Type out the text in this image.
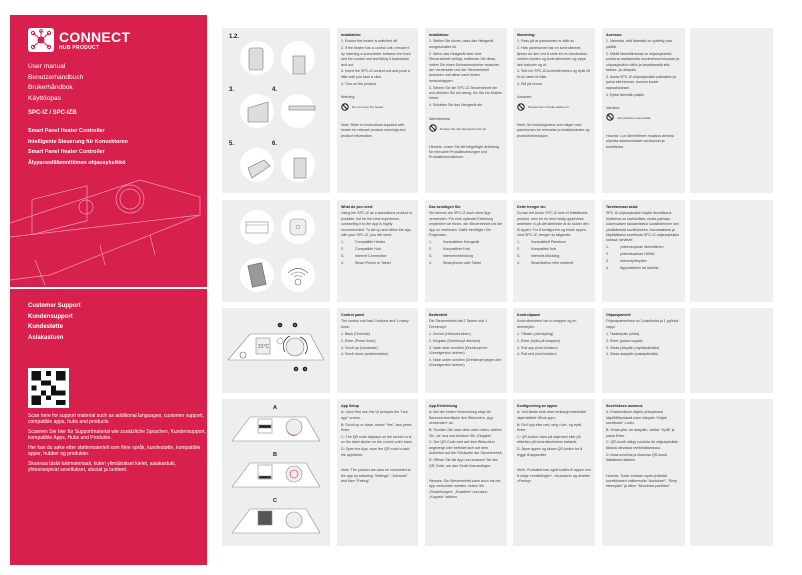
CONNECT
HUB PRODUCT
User manual
Benutzerhandbuch
Brukerhåndbok
Käyttöopas
SPC-IZ / SPC-IZB
Smart Panel Heater Controller
Intelligente Steuerung für Konvektoren
Smart Panel Heater Controller
Älypaneelilämmittimen ohjausyksikkö
Customer Support
Kundensupport
Kundestøtte
Asiakastuen

Scan here for support material such as additional languages, customer support, compatible apps, hubs and products.

Scannen Sie hier für Supportmaterial wie zusätzliche Sprachen, Kundensupport, kompatible Apps, Hubs und Produkte.

Her kan du søke etter støttemateriell som flere språk, kundestøtte, kompatible apper, hubber og produkter.

Skannaa tästä tukimateriaali, kuten ylimääräiset kielet, asiakastuki, yhteensopivat sovellukset, alustat ja tuotteet.

1.2.
3.	4.
5.	6.
1	2
3 4
21°C
A
B
C
Installation:
1. Ensure the heater is switched off.
2. If the heater has a control unit, remove it by inserting a screwdriver between the front and the control unit and tilting it backwards and out.
3. Insert the SPC-IZ control unit and push a little until you hear a click.
4. Turn on the product.
Warning:
Do not cover the heater.
Note: Refer to instructions supplied with heater for relevant product warnings and product information.
Installation:
1. Stellen Sie sicher, dass das Heizgerät ausgeschaltet ist.
2. Wenn das Heizgerät über eine Steuereinheit verfügt, entfernen Sie diese, indem Sie einen Schraubendreher zwischen der Vorderseite und der Steuereinheit ansetzen und diese nach hinten herausklappen.
3. Setzen Sie die SPC-IZ-Steuereinheit ein und drücken Sie ein wenig, bis Sie ein Klicken hören.
4. Schalten Sie das Heizgerät ein.
Warnhinweis:
Decken Sie das Heizgerät nicht ab.
Hinweis: Lesen Sie die beigefügte Anleitung für relevante Produktwarnungen und Produktinformationen.
Montering:
1. Pass på at panelovnen er slått av.
2. Hvis panelovnen har en kontrollenhet, fjerner du den ved å sette inn en skrutrekker mellom fronten og kontrollenheten og vippe den bakover og ut.
3. Sett inn SPC-IZ-kontrollenheten og trykk litt til du hører et klikk.
4. Slå på ovnen.
Advarsel:
Panelovnen må ikke dekkes til.
Merk: Se instruksjonene som følger med panelovnen for relevante produktadvarsler og produktinformasjon.
Asennus:
1. Varmista, että lämmitin on kytketty pois päältä.
2. Mikäli lämmittimessä on ohjausyksikkö, poista se asettamalla ruuvimeisseli etuosan ja ohjausyksikön väliin ja taivuttamalla sitä taakse- ja ulospäin.
3. Aseta SPC-IZ-ohjausyksikkö paikalleen ja paina sitä hieman, kunnes kuulet napsahduksen.
4. Kytke lämmitin päälle.
Varoitus:
Lämmitintä ei saa peittää.
Huomio: Lue lämmittimen mukana olevista ohjeista asianmukaiset varoitukset ja tuotetiedot.
What do you need:
Using the SPC-IZ as a standalone product is possible, but for the best experience, connecting it to the App is highly recommended. To set up and utilize the app with your SPC-IZ, you will need:
1.	Compatible Heater
2.	Compatible Hub
3.	Internet Connection
4.	Smart Phone or Tablet
Das benötigen Sie:
Sie können die SPC-IZ auch ohne App verwenden. Für eine optimale Erfahrung empfehlen wir Ihnen, die Steuereinheit mit der App zu verbinden. Dafür benötigen Sie Folgendes:
1.	Kompatibles Heizgerät
2.	Kompatibler Hub
3.	Internetverbindung
4.	Smartphone oder Tablet
Dette trenger du:
Du kan fint bruke SPC-IZ som et frittstående produkt, men for en best mulig opplevelse anbefaler vi på det sterkeste at du kobler den til appen. For å konfigurere og bruke appen med SPC-IZ, trenger du følgende:
1.	Kompatibelt Panelovn
2.	Kompatibel hub
3.	Internett-tilkobling
4.	Smarttelefon eller nettbrett
Tarvitsemasi asiat:
SPC-IZ-ohjausyksikön käyttö itsenäisenä tuotteena on mahdollista, mutta parhaan kokemuksen takaamiseksi suosittelemme sen yhdistämistä sovellukseen. Asentaaksesi ja käyttääksesi sovellusta SPC-IZ-ohjausyksikön kanssa, tarvitset:
1.	yhteensopivan lämmittimen
2.	yhteensopivan HUBin
3.	internetyhteyden
4.	älypuhelimen tai tabletin
Control panel
The control unit has 2 buttons and 1 rotary knob.
1. Back (Override)
2. Enter (Press Knob)
3. Scroll up (clockwise)
4. Scroll down (anticlockwise)
Bedienfeld
Die Steuereinheit hat 2 Tasten und 1 Drehknopf.
1. Zurück (Überschreiben)
2. Eingabe (Drehknopf drücken)
3. Nach oben scrollen (Drehknopf im Uhrzeigersinn drehen)
4. Nach unten scrollen (Drehknopf gegen den Uhrzeigersinn drehen)
Kontrollpanel
Kontrollenheten har to knapper og én dreiebryter.
1. Tilbake (overstyring)
2. Enter (trykk på knappen)
3. Rull opp (med klokken)
4. Rull ned (mot klokken)
Ohjauspaneeli
Ohjauspaneelissa on 2 painiketta ja 1 pyörivä nappi.
1. Taaksepäin (ohita)
2. Enter (paina nuppia)
3. Selaa ylöspäin (myötäpäivään)
4. Selaa alaspäin (vastapäivään)
App Setup
A: Upon first use, the UI prompts the “Use app” screen.
B: Scroll up or down, select “Yes”, and press Enter.
C: The QR code displays on the screen or is on the label sticker on the control unit's back.
D: Open the App, scan the QR code to add the appliance.
Note: The product can also be connected to the app by selecting “Settings”, “Advance” and then “Pairing”
App-Einrichtung
A: Bei der ersten Verwendung zeigt die Benutzeroberfläche den Bildschirm „App verwenden“ an.
B: Scrollen Sie nach oben oder unten, wählen Sie „Ja“ aus und drücken Sie „Eingabe“.
C: Der QR-Code wird auf dem Bildschirm angezeigt oder befindet sich auf dem Aufkleber auf der Rückseite der Steuereinheit.
D: Öffnen Sie die App und scannen Sie den QR-Code, um das Gerät hinzuzufügen.
Hinweis: Die Steuereinheit kann auch mit der App verbunden werden, indem Sie „Einstellungen“, „Erweitert“ und dann „Koppeln“ wählen.
Konfigurering av appen
A: Ved første bruk viser brukergrensesnittet skjermbildet «Bruk app».
B: Rull opp eller ned, velg «Ja», og trykk Enter.
C: QR-koden vises på skjermen eller på etiketten på kontrollenhetens bakside.
D: Åpne appen og skann QR-koden for å legge til apparatet.
Merk: Produktet kan også kobles til appen ved å velge «Innstillinger», «Avansert» og deretter «Paring»
Sovelluksen asennus
A. Ensimmäisen käytön yhteydessä käyttöliittymässä tulee näkyviin “Käytä sovellusta” -ruutu.
B: Selaa ylös- tai alaspäin, valitse “Kyllä” ja paina Enter.
C: QR-koodi näkyy ruudulla tai ohjausyksikön takana olevassa merkintätarrassa.
D: Avaa sovellus ja skannaa QR-koodi lisätäksesi laitteen.
Huomio: Tuote voidaan myös yhdistää sovellukseen valitsemalla “Asetukset”, “Siirry eteenpäin” ja sitten “Muodosta pariliitos”.
